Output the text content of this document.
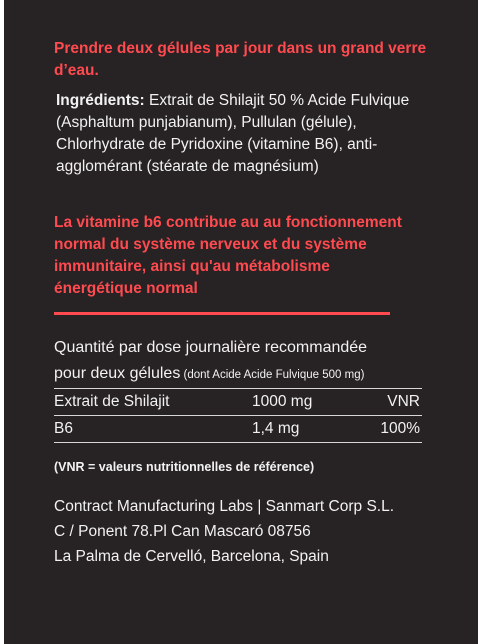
Prendre deux gélules par jour dans un grand verre d’eau.

Ingrédients: Extrait de Shilajit 50 % Acide Fulvique (Asphaltum punjabianum), Pullulan (gélule), Chlorhydrate de Pyridoxine (vitamine B6), anti-agglomérant (stéarate de magnésium)

La vitamine b6 contribue au au fonctionnement normal du système nerveux et du système immunitaire, ainsi qu'au métabolisme énergétique normal

Quantité par dose journalière recommandée

pour deux gélules (dont Acide Acide Fulvique 500 mg)

Extrait de Shilajit	1000 mg	VNR
B6	1,4 mg	100%

(VNR = valeurs nutritionnelles de référence)

Contract Manufacturing Labs | Sanmart Corp S.L.

C / Ponent 78.Pl Can Mascaró 08756

La Palma de Cervelló, Barcelona, Spain
